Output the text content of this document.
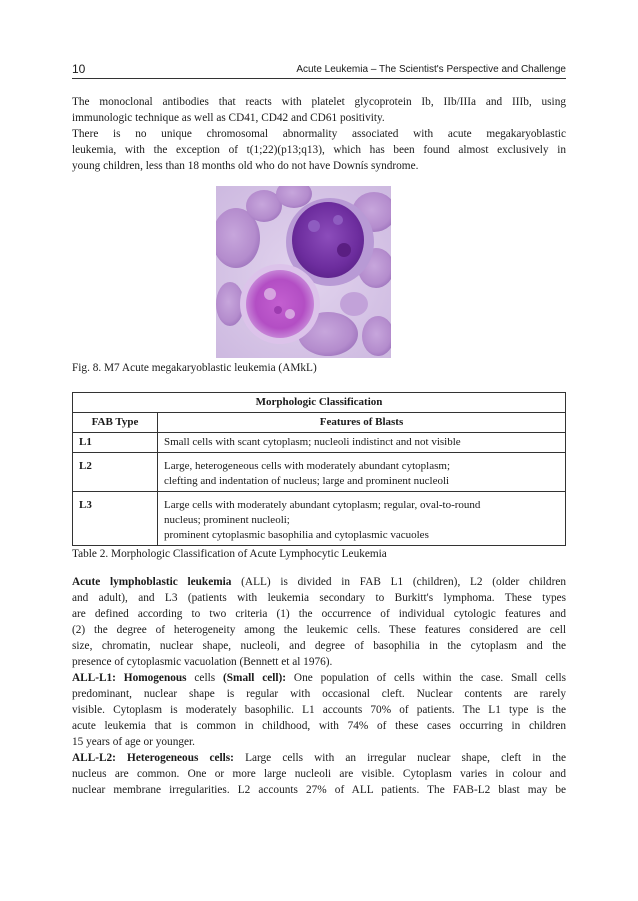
10	Acute Leukemia – The Scientist's Perspective and Challenge
The monoclonal antibodies that reacts with platelet glycoprotein Ib, IIb/IIIa and IIIb, using
immunologic technique as well as CD41, CD42 and CD61 positivity.
There is no unique chromosomal abnormality associated with acute megakaryoblastic
leukemia, with the exception of t(1;22)(p13;q13), which has been found almost exclusively in
young children, less than 18 months old who do not have Downís syndrome.
Fig. 8. M7 Acute megakaryoblastic leukemia (AMkL)
Morphologic Classification	
FAB Type	Features of Blasts
L1	Small cells with scant cytoplasm; nucleoli indistinct and not visible

L2	Large, heterogeneous cells with moderately abundant cytoplasm;
clefting and indentation of nucleus; large and prominent nucleoli

L3	Large cells with moderately abundant cytoplasm; regular, oval-to-round
nucleus; prominent nucleoli;
prominent cytoplasmic basophilia and cytoplasmic vacuoles
Table 2. Morphologic Classification of Acute Lymphocytic Leukemia
Acute lymphoblastic leukemia (ALL) is divided in FAB L1 (children), L2 (older children
and adult), and L3 (patients with leukemia secondary to Burkitt's lymphoma. These types
are defined according to two criteria (1) the occurrence of individual cytologic features and
(2) the degree of heterogeneity among the leukemic cells. These features considered are cell
size, chromatin, nuclear shape, nucleoli, and degree of basophilia in the cytoplasm and the
presence of cytoplasmic vacuolation (Bennett et al 1976).
ALL-L1: Homogenous cells (Small cell): One population of cells within the case. Small cells
predominant, nuclear shape is regular with occasional cleft. Nuclear contents are rarely
visible. Cytoplasm is moderately basophilic. L1 accounts 70% of patients. The L1 type is the
acute leukemia that is common in childhood, with 74% of these cases occurring in children
15 years of age or younger.
ALL-L2: Heterogeneous cells: Large cells with an irregular nuclear shape, cleft in the
nucleus are common. One or more large nucleoli are visible. Cytoplasm varies in colour and
nuclear membrane irregularities. L2 accounts 27% of ALL patients. The FAB-L2 blast may be
